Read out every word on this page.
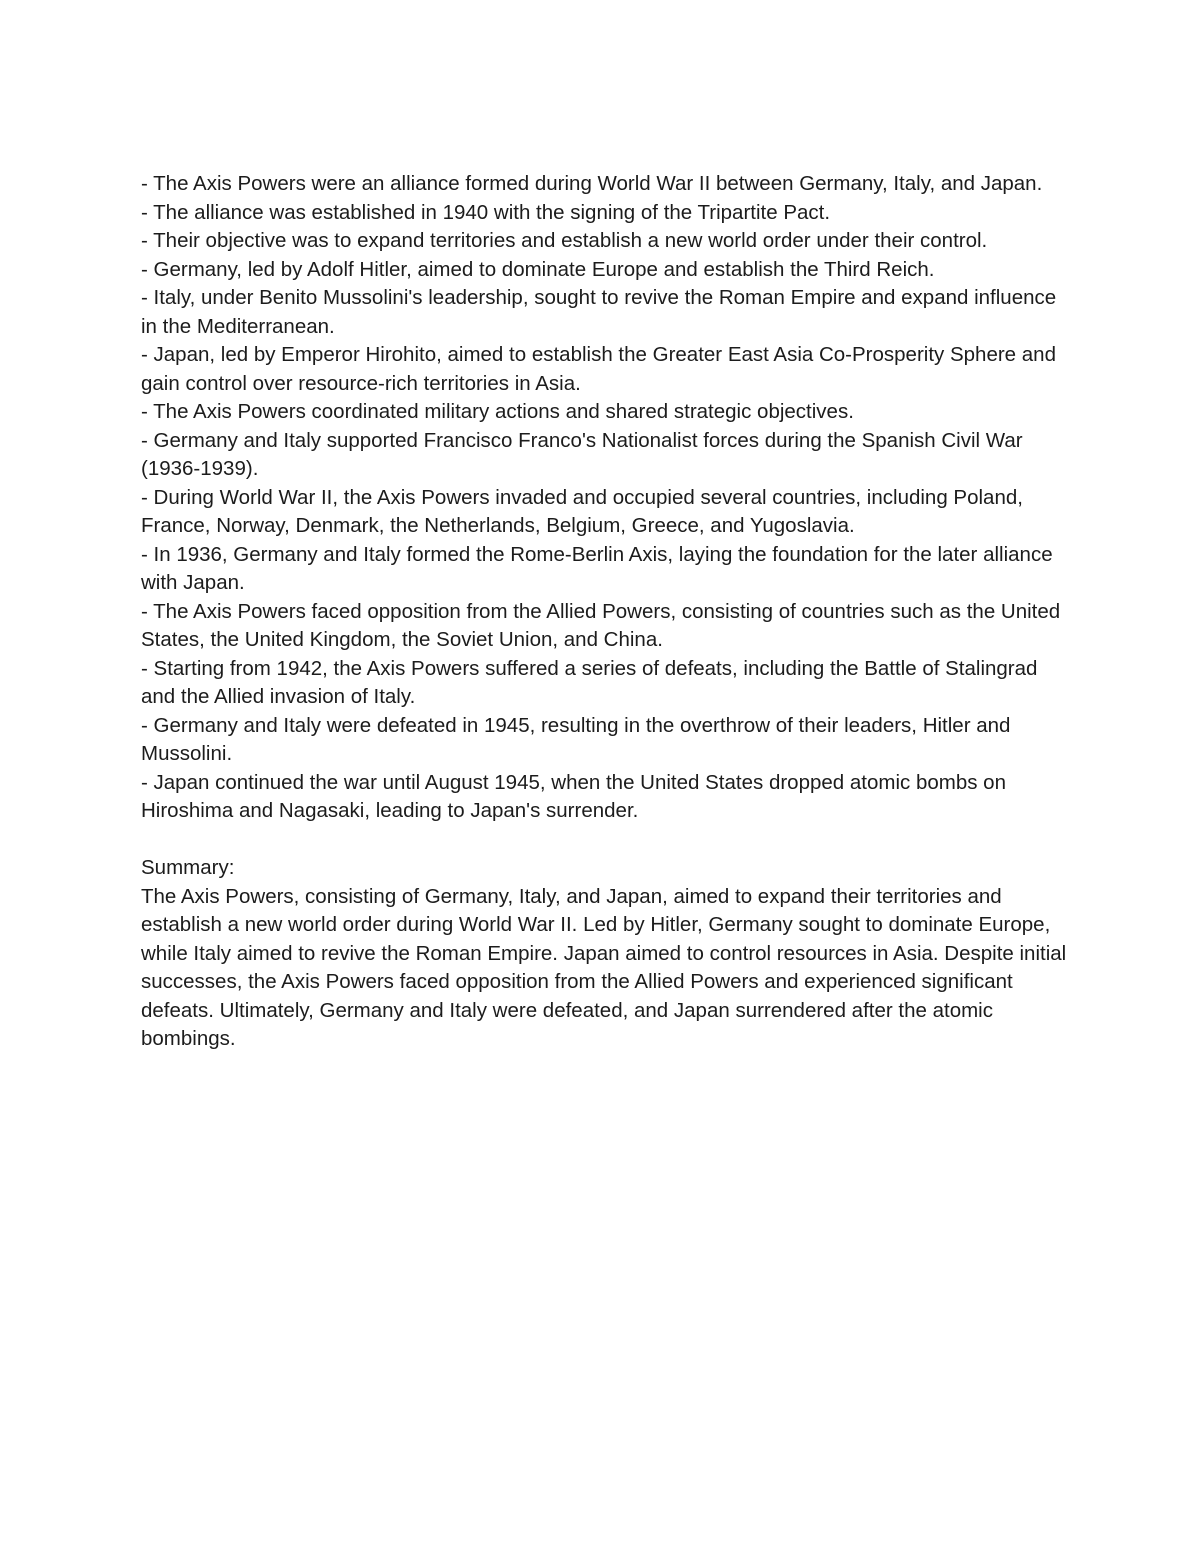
- The Axis Powers were an alliance formed during World War II between Germany, Italy, and Japan.

- The alliance was established in 1940 with the signing of the Tripartite Pact.

- Their objective was to expand territories and establish a new world order under their control.

- Germany, led by Adolf Hitler, aimed to dominate Europe and establish the Third Reich.

- Italy, under Benito Mussolini's leadership, sought to revive the Roman Empire and expand influence in the Mediterranean.

- Japan, led by Emperor Hirohito, aimed to establish the Greater East Asia Co-Prosperity Sphere and gain control over resource-rich territories in Asia.

- The Axis Powers coordinated military actions and shared strategic objectives.

- Germany and Italy supported Francisco Franco's Nationalist forces during the Spanish Civil War (1936-1939).

- During World War II, the Axis Powers invaded and occupied several countries, including Poland, France, Norway, Denmark, the Netherlands, Belgium, Greece, and Yugoslavia.

- In 1936, Germany and Italy formed the Rome-Berlin Axis, laying the foundation for the later alliance with Japan.

- The Axis Powers faced opposition from the Allied Powers, consisting of countries such as the United States, the United Kingdom, the Soviet Union, and China.

- Starting from 1942, the Axis Powers suffered a series of defeats, including the Battle of Stalingrad and the Allied invasion of Italy.

- Germany and Italy were defeated in 1945, resulting in the overthrow of their leaders, Hitler and Mussolini.

- Japan continued the war until August 1945, when the United States dropped atomic bombs on Hiroshima and Nagasaki, leading to Japan's surrender.

Summary:

The Axis Powers, consisting of Germany, Italy, and Japan, aimed to expand their territories and establish a new world order during World War II. Led by Hitler, Germany sought to dominate Europe, while Italy aimed to revive the Roman Empire. Japan aimed to control resources in Asia. Despite initial successes, the Axis Powers faced opposition from the Allied Powers and experienced significant defeats. Ultimately, Germany and Italy were defeated, and Japan surrendered after the atomic bombings.
